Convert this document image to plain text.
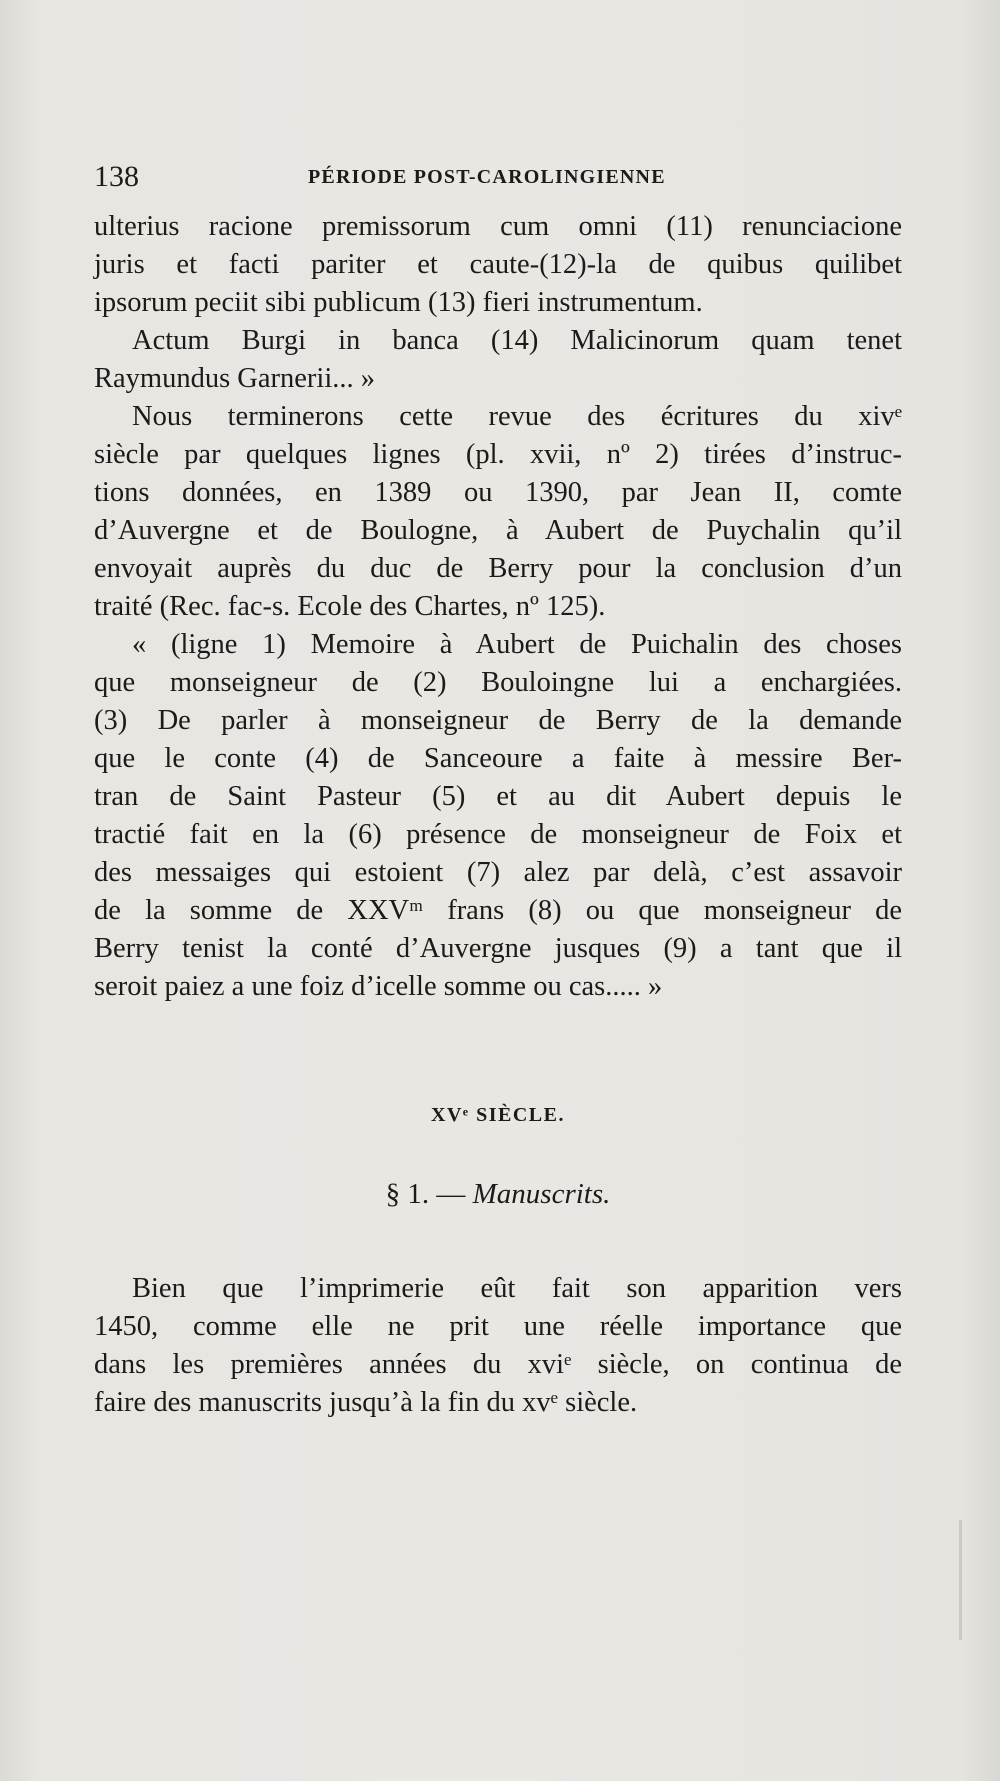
138	PÉRIODE POST-CAROLINGIENNE
ulterius racione premissorum cum omni (11) renunciacione
juris et facti pariter et caute-(12)-la de quibus quilibet
ipsorum peciit sibi publicum (13) fieri instrumentum.
Actum Burgi in banca (14) Malicinorum quam tenet
Raymundus Garnerii... »
Nous terminerons cette revue des écritures du xivᵉ
siècle par quelques lignes (pl. xvii, nº 2) tirées d’instruc-
tions données, en 1389 ou 1390, par Jean II, comte
d’Auvergne et de Boulogne, à Aubert de Puychalin qu’il
envoyait auprès du duc de Berry pour la conclusion d’un
traité (Rec. fac-s. Ecole des Chartes, nº 125).
« (ligne 1) Memoire à Aubert de Puichalin des choses
que monseigneur de (2) Bouloingne lui a enchargiées.
(3) De parler à monseigneur de Berry de la demande
que le conte (4) de Sanceoure a faite à messire Ber-
tran de Saint Pasteur (5) et au dit Aubert depuis le
tractié fait en la (6) présence de monseigneur de Foix et
des messaiges qui estoient (7) alez par delà, c’est assavoir
de la somme de XXVᵐ frans (8) ou que monseigneur de
Berry tenist la conté d’Auvergne jusques (9) a tant que il
seroit paiez a une foiz d’icelle somme ou cas..... »
XVᵉ SIÈCLE.
§ 1. — Manuscrits.
Bien que l’imprimerie eût fait son apparition vers
1450, comme elle ne prit une réelle importance que
dans les premières années du xviᵉ siècle, on continua de
faire des manuscrits jusqu’à la fin du xvᵉ siècle.
